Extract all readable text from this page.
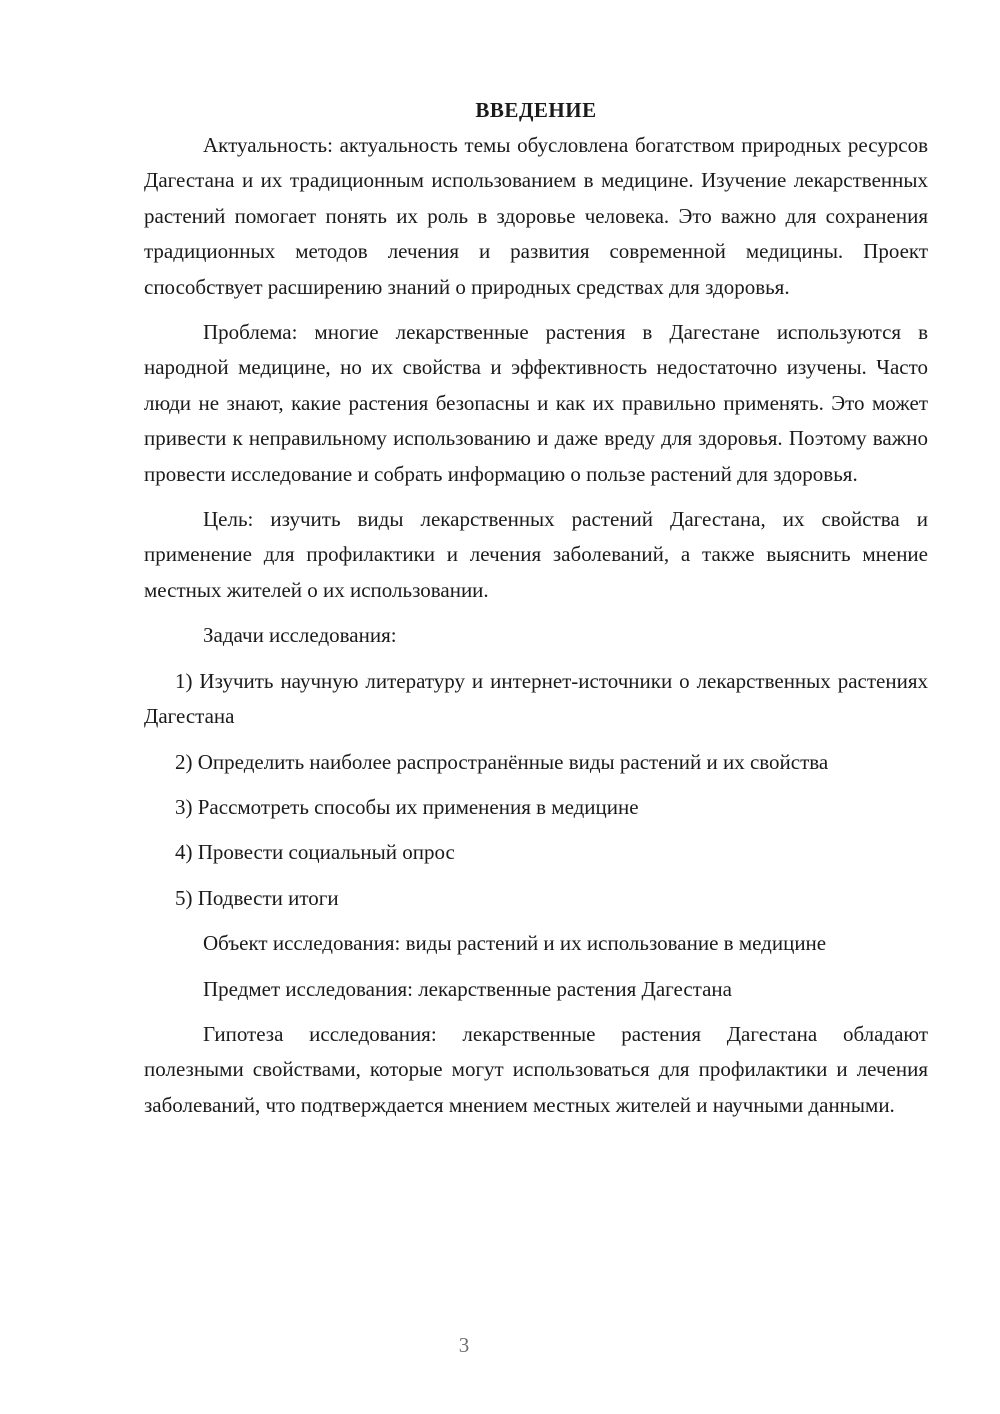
ВВЕДЕНИЕ

Актуальность: актуальность темы обусловлена богатством природных ресурсов Дагестана и их традиционным использованием в медицине. Изучение лекарственных растений помогает понять их роль в здоровье человека. Это важно для сохранения традиционных методов лечения и развития современной медицины. Проект способствует расширению знаний о природных средствах для здоровья.

Проблема: многие лекарственные растения в Дагестане используются в народной медицине, но их свойства и эффективность недостаточно изучены. Часто люди не знают, какие растения безопасны и как их правильно применять. Это может привести к неправильному использованию и даже вреду для здоровья. Поэтому важно провести исследование и собрать информацию о пользе растений для здоровья.

Цель: изучить виды лекарственных растений Дагестана, их свойства и применение для профилактики и лечения заболеваний, а также выяснить мнение местных жителей о их использовании.

Задачи исследования:

1) Изучить научную литературу и интернет-источники о лекарственных растениях Дагестана

2) Определить наиболее распространённые виды растений и их свойства

3) Рассмотреть способы их применения в медицине

4) Провести социальный опрос

5) Подвести итоги

Объект исследования: виды растений и их использование в медицине

Предмет исследования: лекарственные растения Дагестана

Гипотеза исследования: лекарственные растения Дагестана обладают полезными свойствами, которые могут использоваться для профилактики и лечения заболеваний, что подтверждается мнением местных жителей и научными данными.

3
